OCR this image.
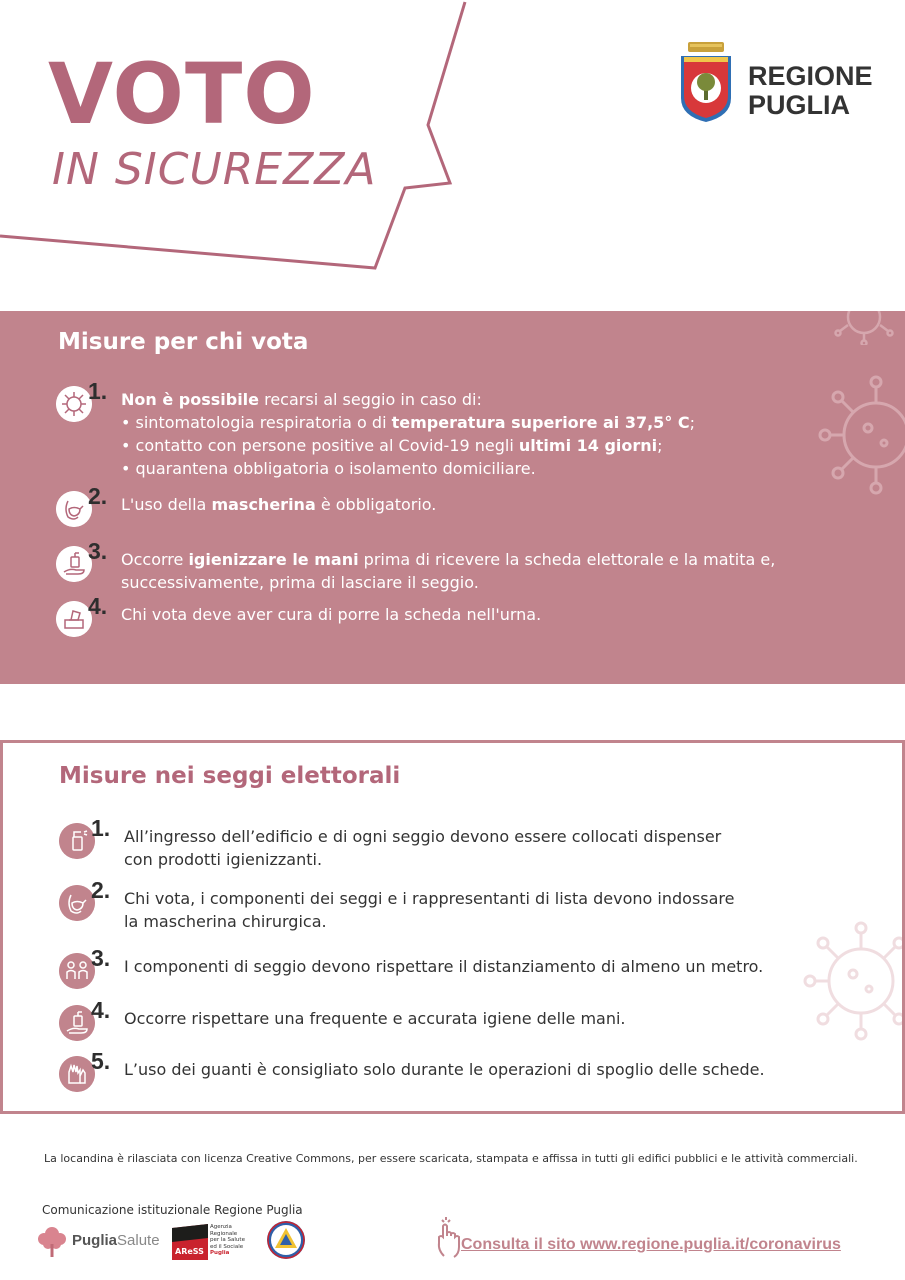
VOTO
IN SICUREZZA
REGIONE
PUGLIA
Misure per chi vota
1. Non è possibile recarsi al seggio in caso di:
• sintomatologia respiratoria o di temperatura superiore ai 37,5° C;
• contatto con persone positive al Covid-19 negli ultimi 14 giorni;
• quarantena obbligatoria o isolamento domiciliare.
2. L'uso della mascherina è obbligatorio.
3. Occorre igienizzare le mani prima di ricevere la scheda elettorale e la matita e,
successivamente, prima di lasciare il seggio.
4. Chi vota deve aver cura di porre la scheda nell'urna.
Misure nei seggi elettorali
1. All’ingresso dell’edificio e di ogni seggio devono essere collocati dispenser
con prodotti igienizzanti.
2. Chi vota, i componenti dei seggi e i rappresentanti di lista devono indossare
la mascherina chirurgica.
3. I componenti di seggio devono rispettare il distanziamento di almeno un metro.
4. Occorre rispettare una frequente e accurata igiene delle mani.
5. L’uso dei guanti è consigliato solo durante le operazioni di spoglio delle schede.
La locandina è rilasciata con licenza Creative Commons, per essere scaricata, stampata e affissa in tutti gli edifici pubblici e le attività commerciali.
Comunicazione istituzionale Regione Puglia
PugliaSalute
AReSS
Agenzia
Regionale
per la Salute
ed il Sociale
Puglia	Consulta il sito www.regione.puglia.it/coronavirus
